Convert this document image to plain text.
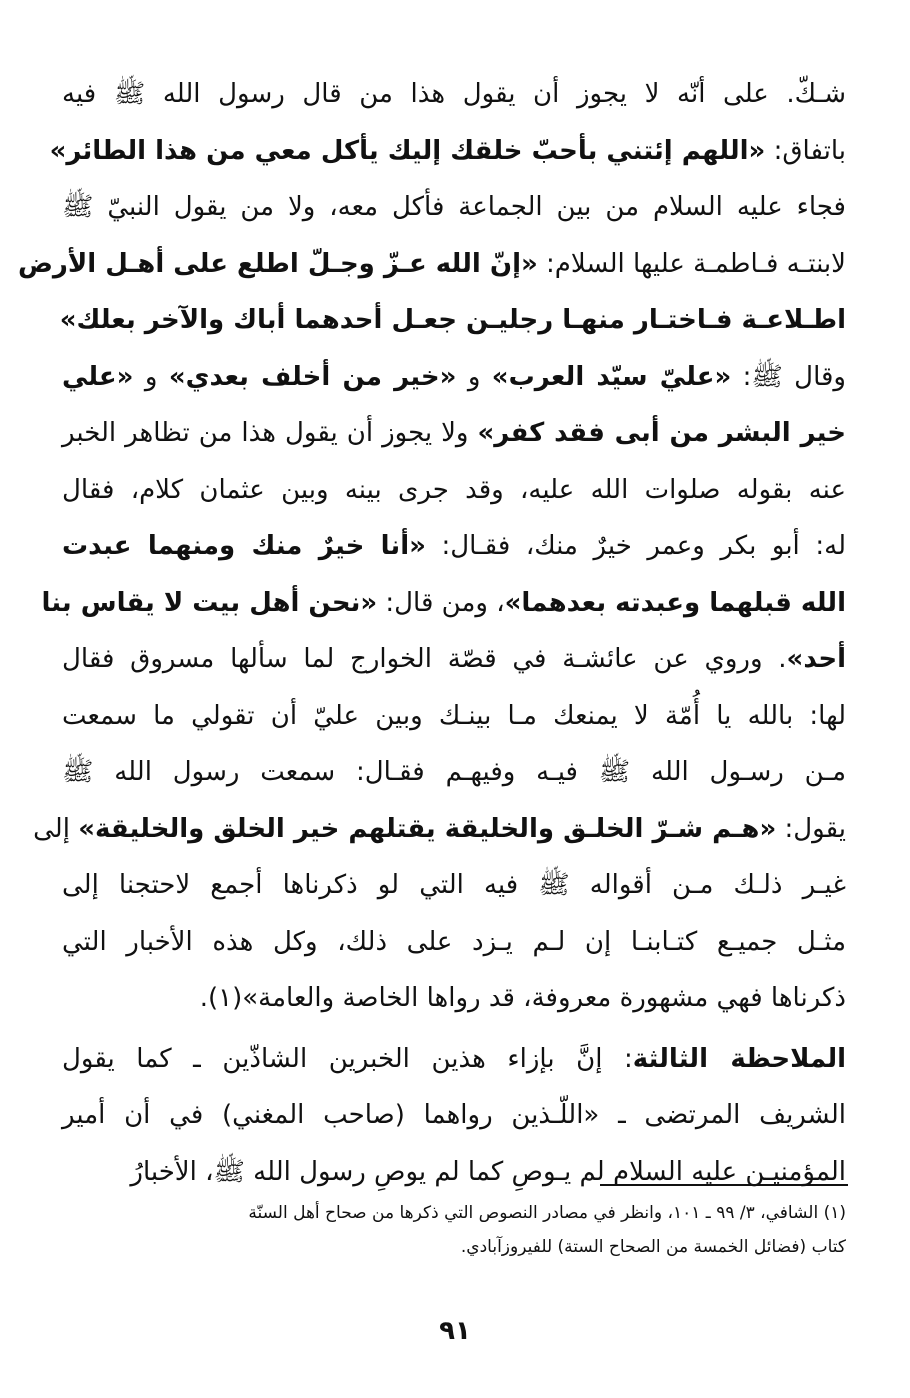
شـكّ. على أنّه لا يجوز أن يقول هذا من قال رسول الله ﷺ فيه
باتفاق: «اللهم إئتني بأحبّ خلقك إليك يأكل معي من هذا الطائر»
فجاء عليه السلام من بين الجماعة فأكل معه، ولا من يقول النبيّ ﷺ
لابنتـه فـاطمـة عليها السلام: «إنّ الله عـزّ وجـلّ اطلع على أهـل الأرض
اطـلاعـة فـاختـار منهـا رجليـن جعـل أحدهما أباك والآخر بعلك»
وقال ﷺ: «عليّ سيّد العرب» و «خير من أخلف بعدي» و «علي
خير البشر من أبى فقد كفر» ولا يجوز أن يقول هذا من تظاهر الخبر
عنه بقوله صلوات الله عليه، وقد جرى بينه وبين عثمان كلام، فقال
له: أبو بكر وعمر خيرٌ منك، فقـال: «أنا خيرٌ منك ومنهما عبدت
الله قبلهما وعبدته بعدهما»، ومن قال: «نحن أهل بيت لا يقاس بنا
أحد». وروي عن عائشـة في قصّة الخوارج لما سألها مسروق فقال
لها: بالله يا أُمّة لا يمنعك مـا بينـك وبين عليّ أن تقولي ما سمعت
مـن رسـول الله ﷺ فيـه وفيهـم فقـال: سمعت رسول الله ﷺ
يقول: «هـم شـرّ الخلـق والخليقة يقتلهم خير الخلق والخليقة» إلى
غيـر ذلـك مـن أقواله ﷺ فيه التي لو ذكرناها أجمع لاحتجنا إلى
مثـل جميـع كتـابنـا إن لـم يـزد على ذلك، وكل هذه الأخبار التي
ذكرناها فهي مشهورة معروفة، قد رواها الخاصة والعامة»(١).
الملاحظة الثالثة: إنَّ بإزاء هذين الخبرين الشاذّين ـ كما يقول
الشريف المرتضى ـ «اللّـذين رواهما (صاحب المغني) في أن أمير
المؤمنيـن عليه السلام لم يـوصِ كما لم يوصِ رسول الله ﷺ، الأخبارُ
(١) الشافي، ٣/ ٩٩ ـ ١٠١، وانظر في مصادر النصوص التي ذكرها من صحاح أهل السنّة
كتاب (فضائل الخمسة من الصحاح الستة) للفيروزآبادي.
٩١
